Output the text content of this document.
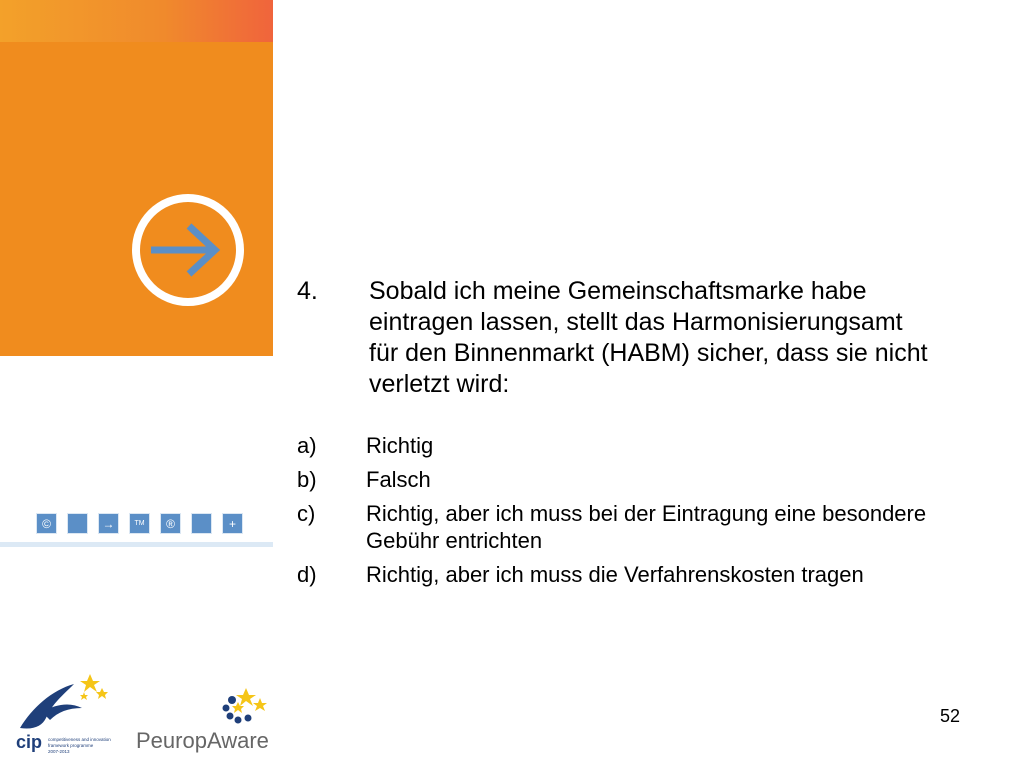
©	→	TM	®	+
4.	Sobald ich meine Gemeinschaftsmarke habe eintragen lassen, stellt das Harmonisierungsamt für den Binnenmarkt (HABM) sicher, dass sie nicht verletzt wird:
a)	Richtig
b)	Falsch
c)	Richtig, aber ich muss bei der Eintragung eine besondere Gebühr entrichten
d)	Richtig, aber ich muss die Verfahrenskosten tragen
cip competitiveness and innovation
framework programme
2007-2013	PeuropAware
52
